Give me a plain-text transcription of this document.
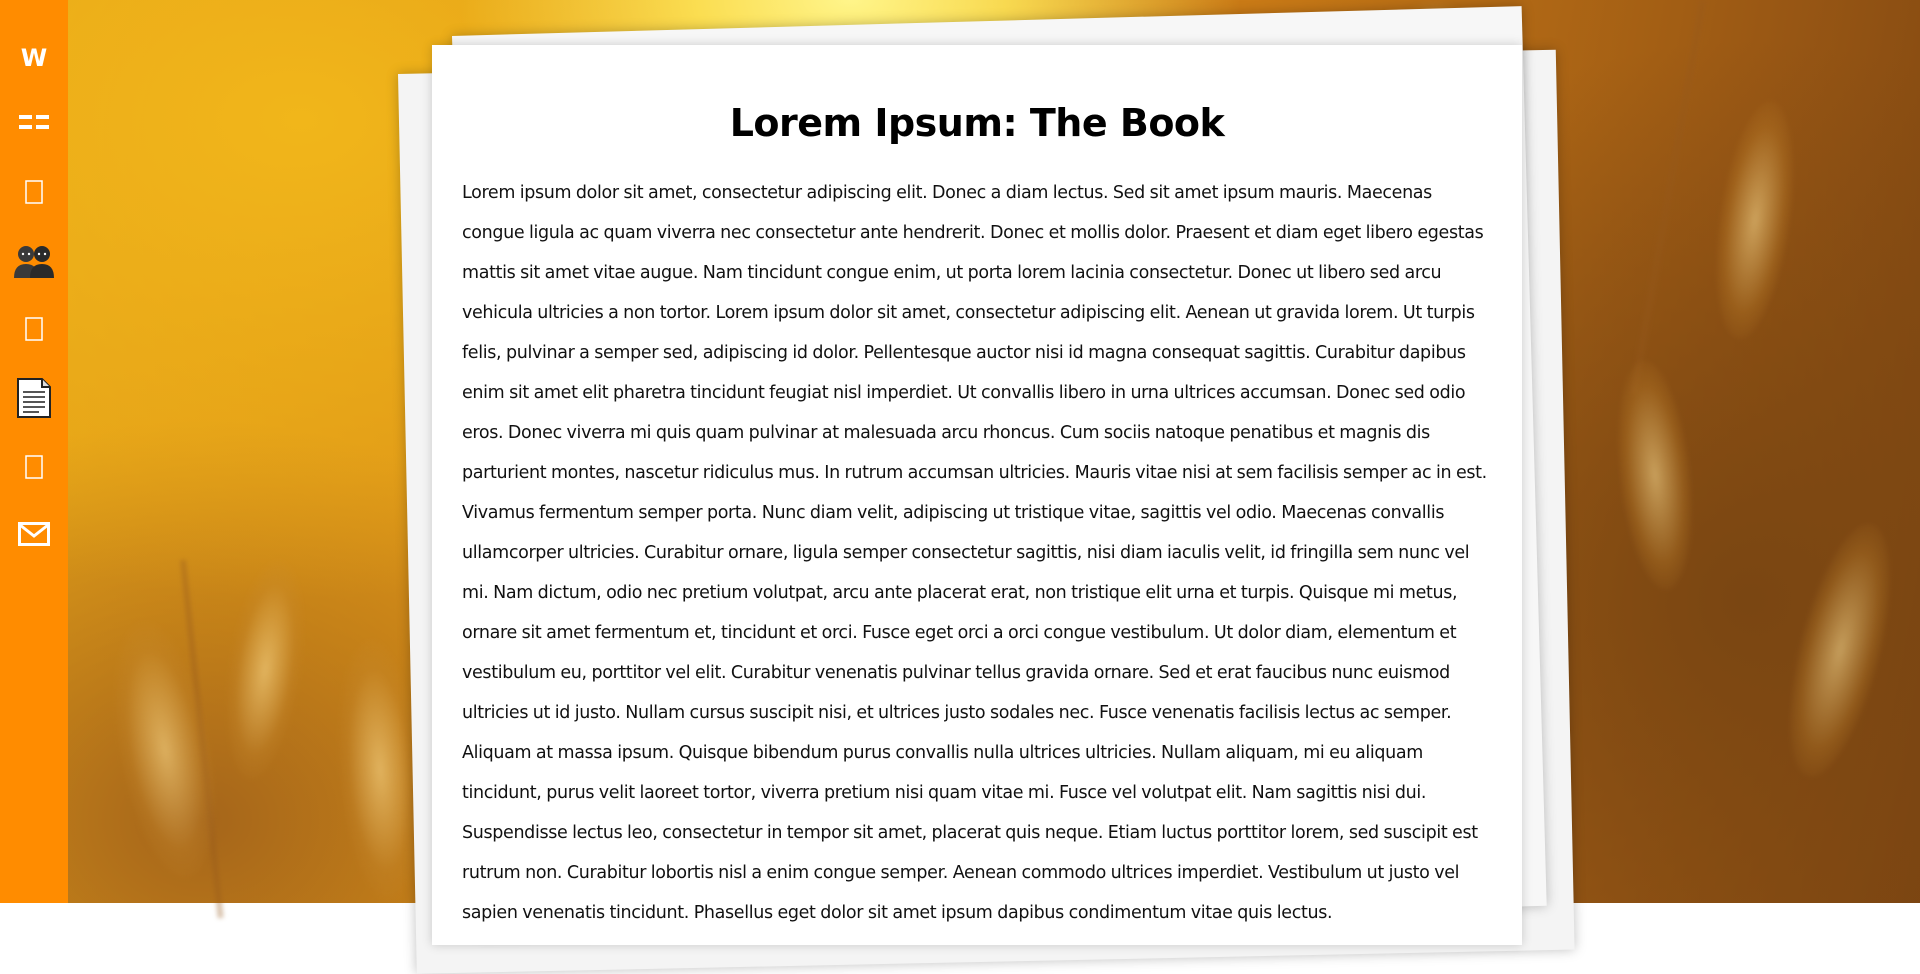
W
Lorem Ipsum: The Book

Lorem ipsum dolor sit amet, consectetur adipiscing elit. Donec a diam lectus. Sed sit amet ipsum mauris. Maecenas congue ligula ac quam viverra nec consectetur ante hendrerit. Donec et mollis dolor. Praesent et diam eget libero egestas mattis sit amet vitae augue. Nam tincidunt congue enim, ut porta lorem lacinia consectetur. Donec ut libero sed arcu vehicula ultricies a non tortor. Lorem ipsum dolor sit amet, consectetur adipiscing elit. Aenean ut gravida lorem. Ut turpis felis, pulvinar a semper sed, adipiscing id dolor. Pellentesque auctor nisi id magna consequat sagittis. Curabitur dapibus enim sit amet elit pharetra tincidunt feugiat nisl imperdiet. Ut convallis libero in urna ultrices accumsan. Donec sed odio eros. Donec viverra mi quis quam pulvinar at malesuada arcu rhoncus. Cum sociis natoque penatibus et magnis dis parturient montes, nascetur ridiculus mus. In rutrum accumsan ultricies. Mauris vitae nisi at sem facilisis semper ac in est. Vivamus fermentum semper porta. Nunc diam velit, adipiscing ut tristique vitae, sagittis vel odio. Maecenas convallis ullamcorper ultricies. Curabitur ornare, ligula semper consectetur sagittis, nisi diam iaculis velit, id fringilla sem nunc vel mi. Nam dictum, odio nec pretium volutpat, arcu ante placerat erat, non tristique elit urna et turpis. Quisque mi metus, ornare sit amet fermentum et, tincidunt et orci. Fusce eget orci a orci congue vestibulum. Ut dolor diam, elementum et vestibulum eu, porttitor vel elit. Curabitur venenatis pulvinar tellus gravida ornare. Sed et erat faucibus nunc euismod ultricies ut id justo. Nullam cursus suscipit nisi, et ultrices justo sodales nec. Fusce venenatis facilisis lectus ac semper. Aliquam at massa ipsum. Quisque bibendum purus convallis nulla ultrices ultricies. Nullam aliquam, mi eu aliquam tincidunt, purus velit laoreet tortor, viverra pretium nisi quam vitae mi. Fusce vel volutpat elit. Nam sagittis nisi dui. Suspendisse lectus leo, consectetur in tempor sit amet, placerat quis neque. Etiam luctus porttitor lorem, sed suscipit est rutrum non. Curabitur lobortis nisl a enim congue semper. Aenean commodo ultrices imperdiet. Vestibulum ut justo vel sapien venenatis tincidunt. Phasellus eget dolor sit amet ipsum dapibus condimentum vitae quis lectus.
